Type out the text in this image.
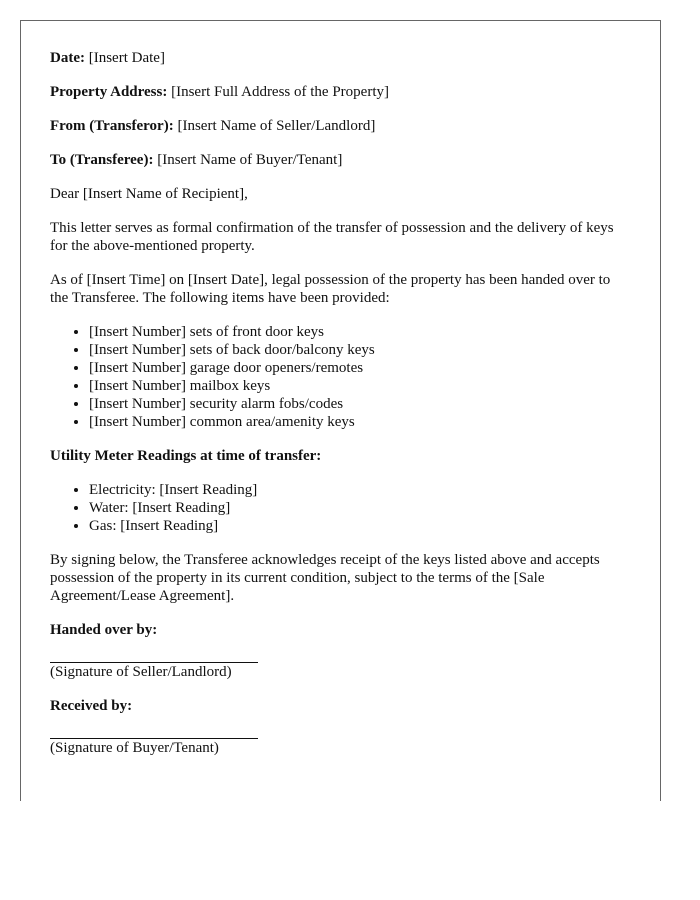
Date: [Insert Date]

Property Address: [Insert Full Address of the Property]

From (Transferor): [Insert Name of Seller/Landlord]

To (Transferee): [Insert Name of Buyer/Tenant]

Dear [Insert Name of Recipient],

This letter serves as formal confirmation of the transfer of possession and the delivery of keys for the above-mentioned property.

As of [Insert Time] on [Insert Date], legal possession of the property has been handed over to the Transferee. The following items have been provided:

• [Insert Number] sets of front door keys
• [Insert Number] sets of back door/balcony keys
• [Insert Number] garage door openers/remotes
• [Insert Number] mailbox keys
• [Insert Number] security alarm fobs/codes
• [Insert Number] common area/amenity keys

Utility Meter Readings at time of transfer:

• Electricity: [Insert Reading]
• Water: [Insert Reading]
• Gas: [Insert Reading]

By signing below, the Transferee acknowledges receipt of the keys listed above and accepts possession of the property in its current condition, subject to the terms of the [Sale Agreement/Lease Agreement].

Handed over by:
(Signature of Seller/Landlord)
Received by:
(Signature of Buyer/Tenant)
